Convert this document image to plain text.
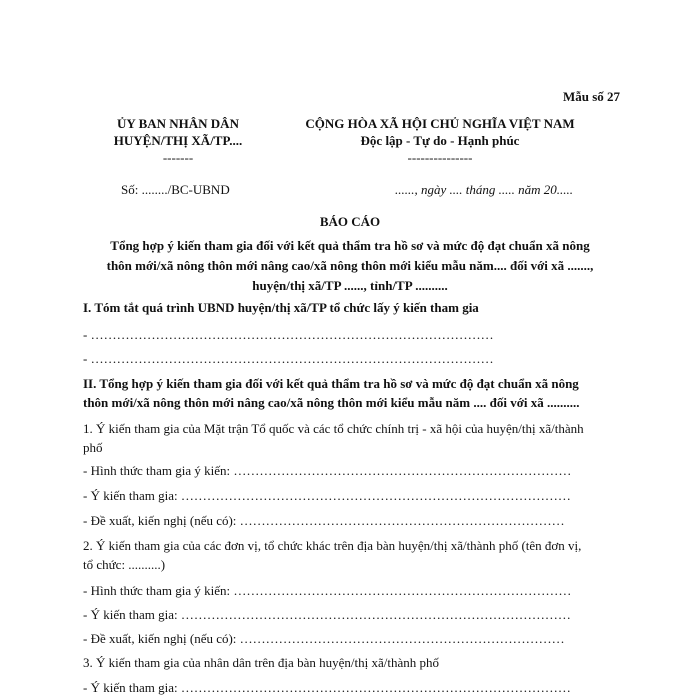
Mẫu số 27
ỦY BAN NHÂN DÂN
HUYỆN/THỊ XÃ/TP....
-------
CỘNG HÒA XÃ HỘI CHỦ NGHĨA VIỆT NAM
Độc lập - Tự do - Hạnh phúc
---------------
Số: ......../BC-UBND	......, ngày .... tháng ..... năm 20.....
BÁO CÁO
Tổng hợp ý kiến tham gia đối với kết quả thẩm tra hồ sơ và mức độ đạt chuẩn xã nông
thôn mới/xã nông thôn mới nâng cao/xã nông thôn mới kiểu mẫu năm.... đối với xã .......,
huyện/thị xã/TP ......, tỉnh/TP ..........
I. Tóm tắt quá trình UBND huyện/thị xã/TP tổ chức lấy ý kiến tham gia
- …………………………………………………………………………………
- …………………………………………………………………………………
II. Tổng hợp ý kiến tham gia đối với kết quả thẩm tra hồ sơ và mức độ đạt chuẩn xã nông
thôn mới/xã nông thôn mới nâng cao/xã nông thôn mới kiểu mẫu năm .... đối với xã ..........
1. Ý kiến tham gia của Mặt trận Tổ quốc và các tổ chức chính trị - xã hội của huyện/thị xã/thành
phố
- Hình thức tham gia ý kiến: ……………………………………………………………………
- Ý kiến tham gia: ………………………………………………………………………………
- Đề xuất, kiến nghị (nếu có): …………………………………………………………………
2. Ý kiến tham gia của các đơn vị, tổ chức khác trên địa bàn huyện/thị xã/thành phố (tên đơn vị,
tổ chức: ..........)
- Hình thức tham gia ý kiến: ……………………………………………………………………
- Ý kiến tham gia: ………………………………………………………………………………
- Đề xuất, kiến nghị (nếu có): …………………………………………………………………
3. Ý kiến tham gia của nhân dân trên địa bàn huyện/thị xã/thành phố
- Ý kiến tham gia: ………………………………………………………………………………
